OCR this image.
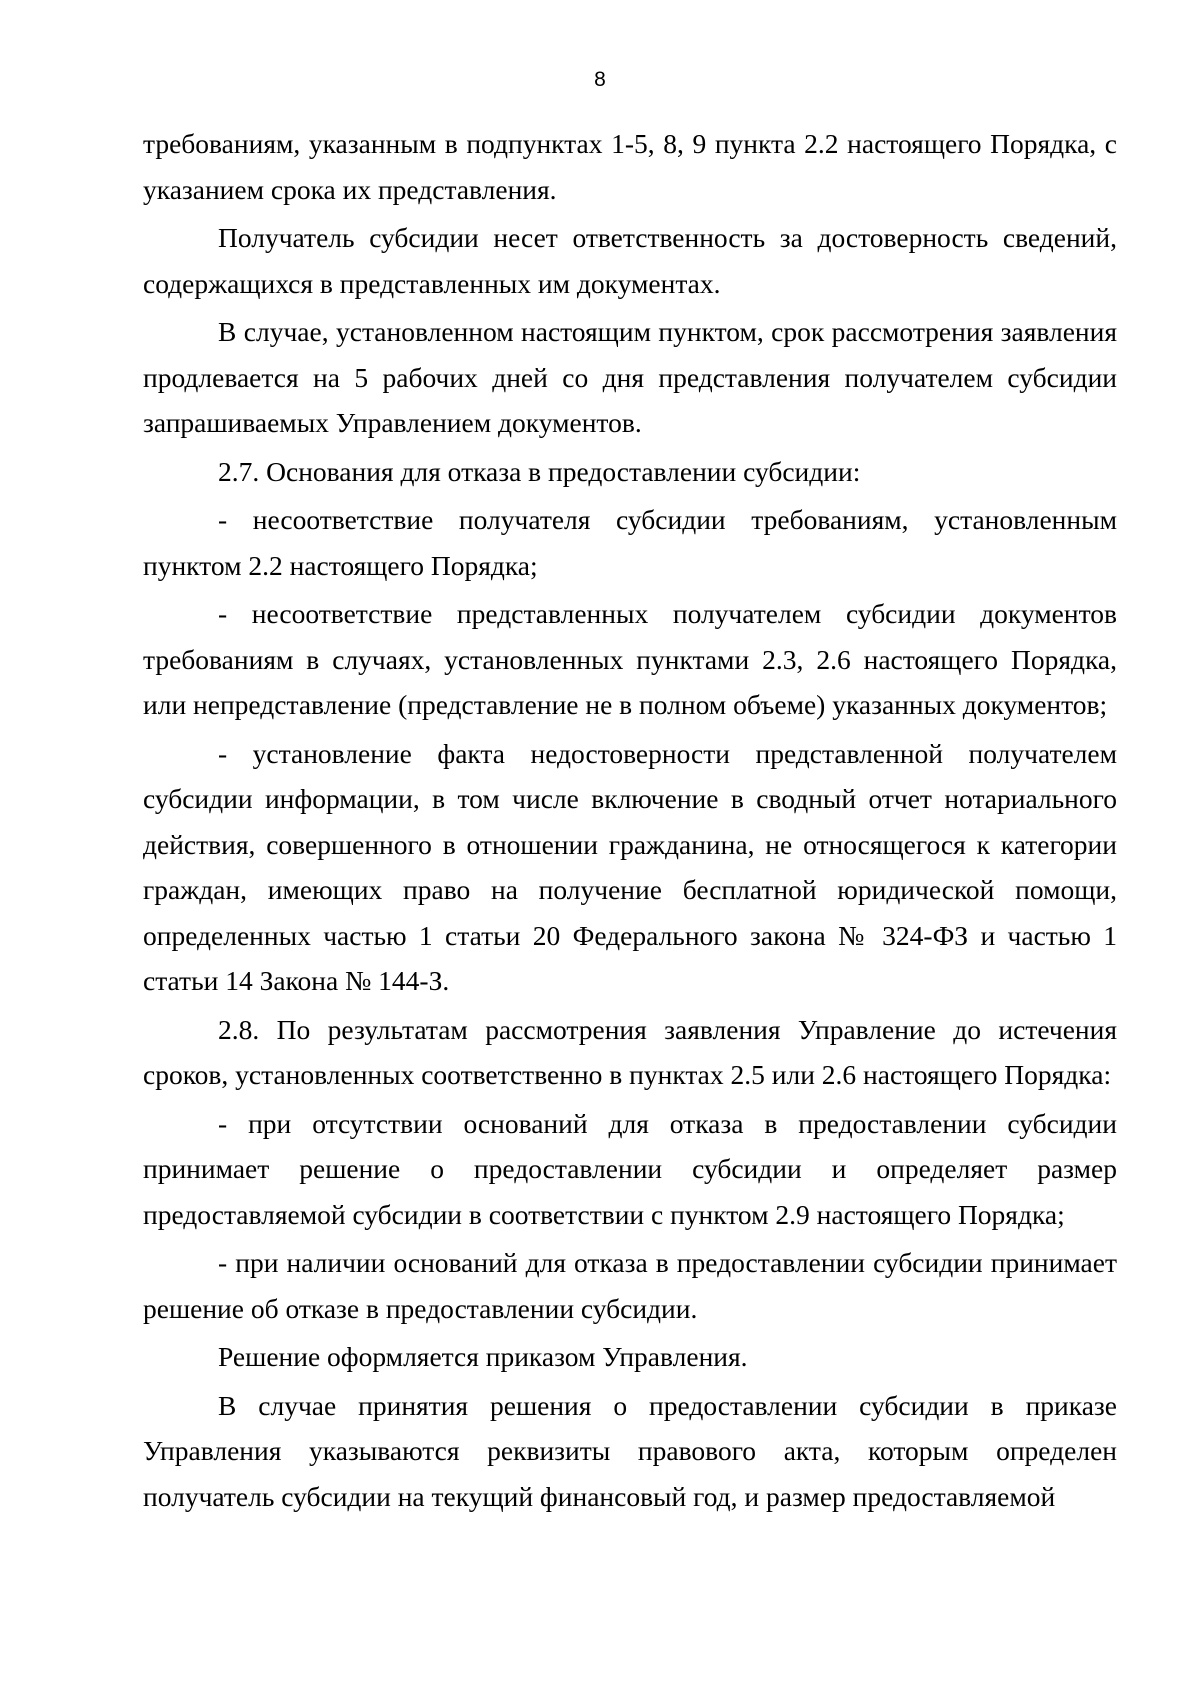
8

требованиям, указанным в подпунктах 1-5, 8, 9 пункта 2.2 настоящего Порядка, с указанием срока их представления.

Получатель субсидии несет ответственность за достоверность сведений, содержащихся в представленных им документах.

В случае, установленном настоящим пунктом, срок рассмотрения заявления продлевается на 5 рабочих дней со дня представления получателем субсидии запрашиваемых Управлением документов.

2.7. Основания для отказа в предоставлении субсидии:

- несоответствие получателя субсидии требованиям, установленным пунктом 2.2 настоящего Порядка;

- несоответствие представленных получателем субсидии документов требованиям в случаях, установленных пунктами 2.3, 2.6 настоящего Порядка, или непредставление (представление не в полном объеме) указанных документов;

- установление факта недостоверности представленной получателем субсидии информации, в том числе включение в сводный отчет нотариального действия, совершенного в отношении гражданина, не относящегося к категории граждан, имеющих право на получение бесплатной юридической помощи, определенных частью 1 статьи 20 Федерального закона № 324-ФЗ и частью 1 статьи 14 Закона № 144-З.

2.8. По результатам рассмотрения заявления Управление до истечения сроков, установленных соответственно в пунктах 2.5 или 2.6 настоящего Порядка:

- при отсутствии оснований для отказа в предоставлении субсидии принимает решение о предоставлении субсидии и определяет размер предоставляемой субсидии в соответствии с пунктом 2.9 настоящего Порядка;

- при наличии оснований для отказа в предоставлении субсидии принимает решение об отказе в предоставлении субсидии.

Решение оформляется приказом Управления.

В случае принятия решения о предоставлении субсидии в приказе Управления указываются реквизиты правового акта, которым определен получатель субсидии на текущий финансовый год, и размер предоставляемой
